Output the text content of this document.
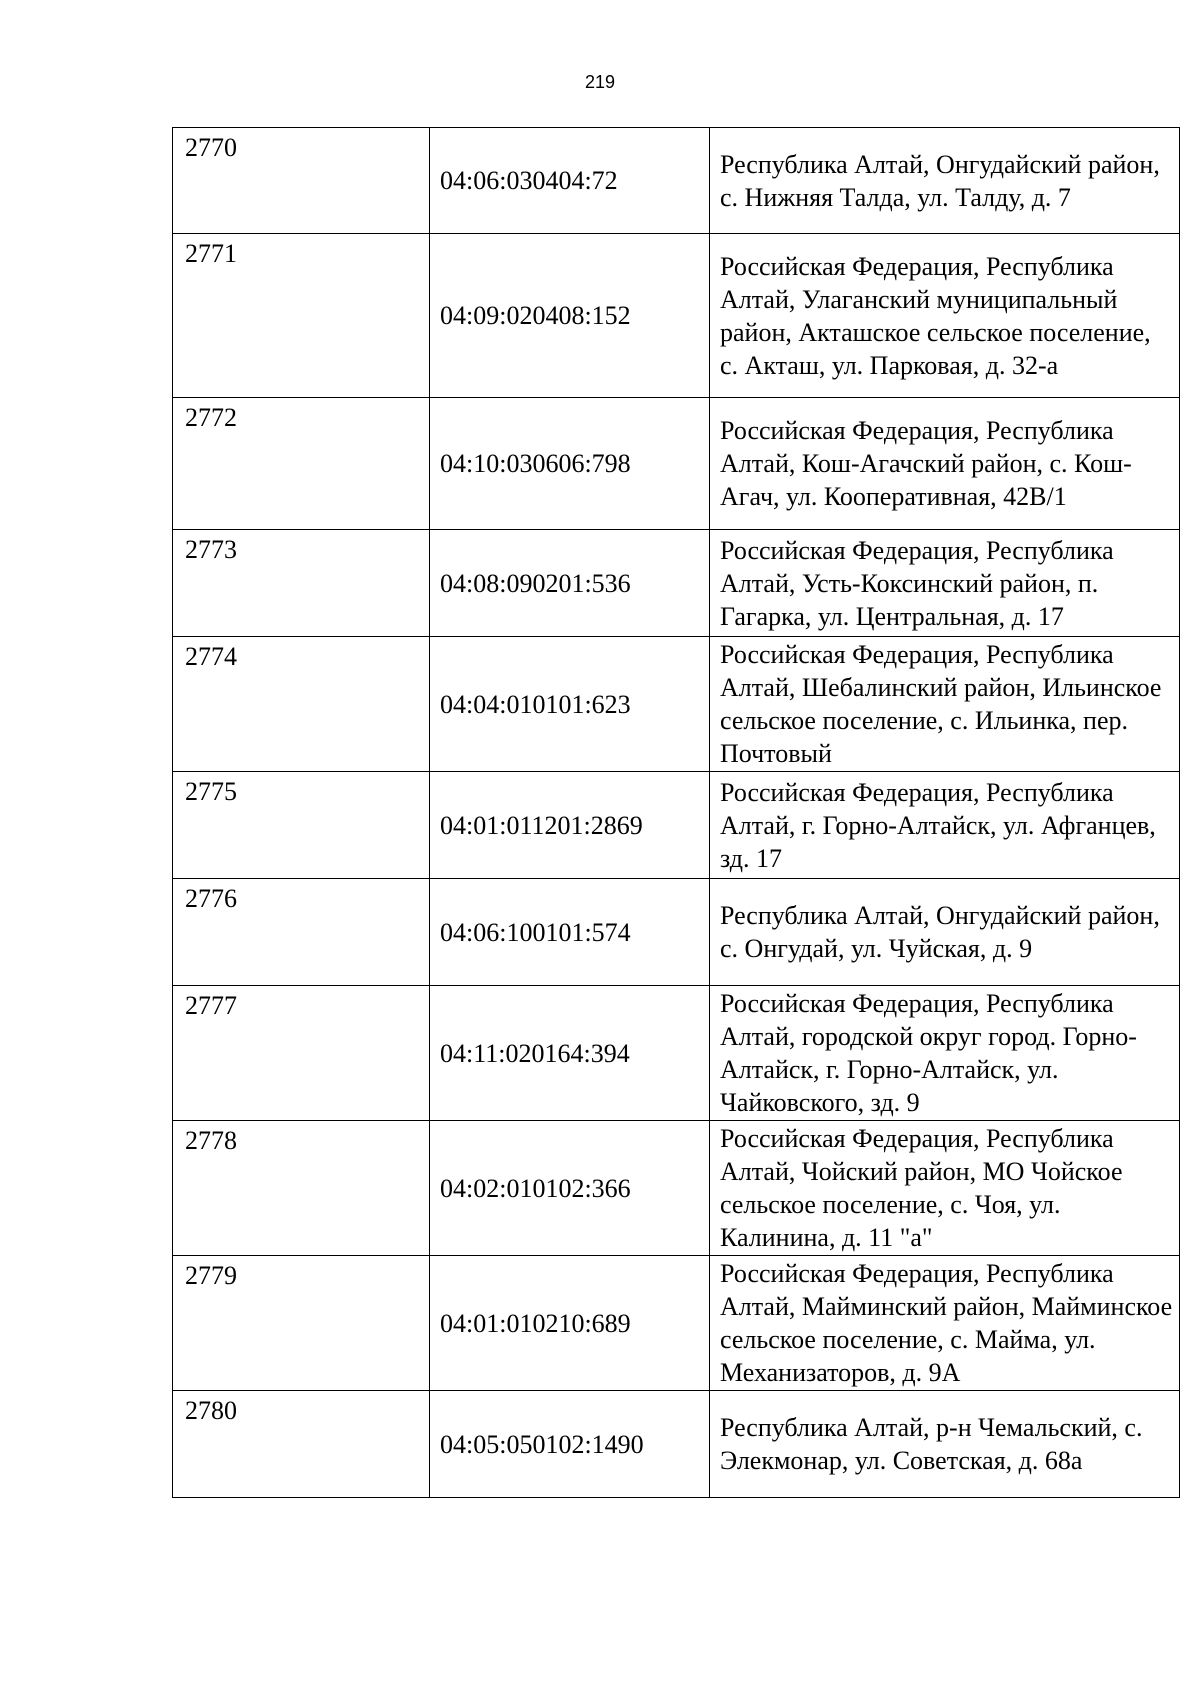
219
2770	04:06:030404:72	Республика Алтай, Онгудайский район, с. Нижняя Талда, ул. Талду, д. 7
2771	04:09:020408:152	Российская Федерация, Республика Алтай, Улаганский муниципальный район, Акташское сельское поселение, с. Акташ, ул. Парковая, д. 32-а
2772	04:10:030606:798	Российская Федерация, Республика Алтай, Кош-Агачский район, с. Кош-Агач, ул. Кооперативная, 42В/1
2773	04:08:090201:536	Российская Федерация, Республика Алтай, Усть-Коксинский район, п. Гагарка, ул. Центральная, д. 17
2774	04:04:010101:623	Российская Федерация, Республика Алтай, Шебалинский район, Ильинское сельское поселение, с. Ильинка, пер. Почтовый
2775	04:01:011201:2869	Российская Федерация, Республика Алтай, г. Горно-Алтайск, ул. Афганцев, зд. 17
2776	04:06:100101:574	Республика Алтай, Онгудайский район, с. Онгудай, ул. Чуйская, д. 9
2777	04:11:020164:394	Российская Федерация, Республика Алтай, городской округ город. Горно-Алтайск, г. Горно-Алтайск, ул. Чайковского, зд. 9
2778	04:02:010102:366	Российская Федерация, Республика Алтай, Чойский район, МО Чойское сельское поселение, с. Чоя, ул. Калинина, д. 11 "а"
2779	04:01:010210:689	Российская Федерация, Республика Алтай, Майминский район, Майминское сельское поселение, с. Майма, ул. Механизаторов, д. 9А
2780	04:05:050102:1490	Республика Алтай, р-н Чемальский, с. Элекмонар, ул. Советская, д. 68а
